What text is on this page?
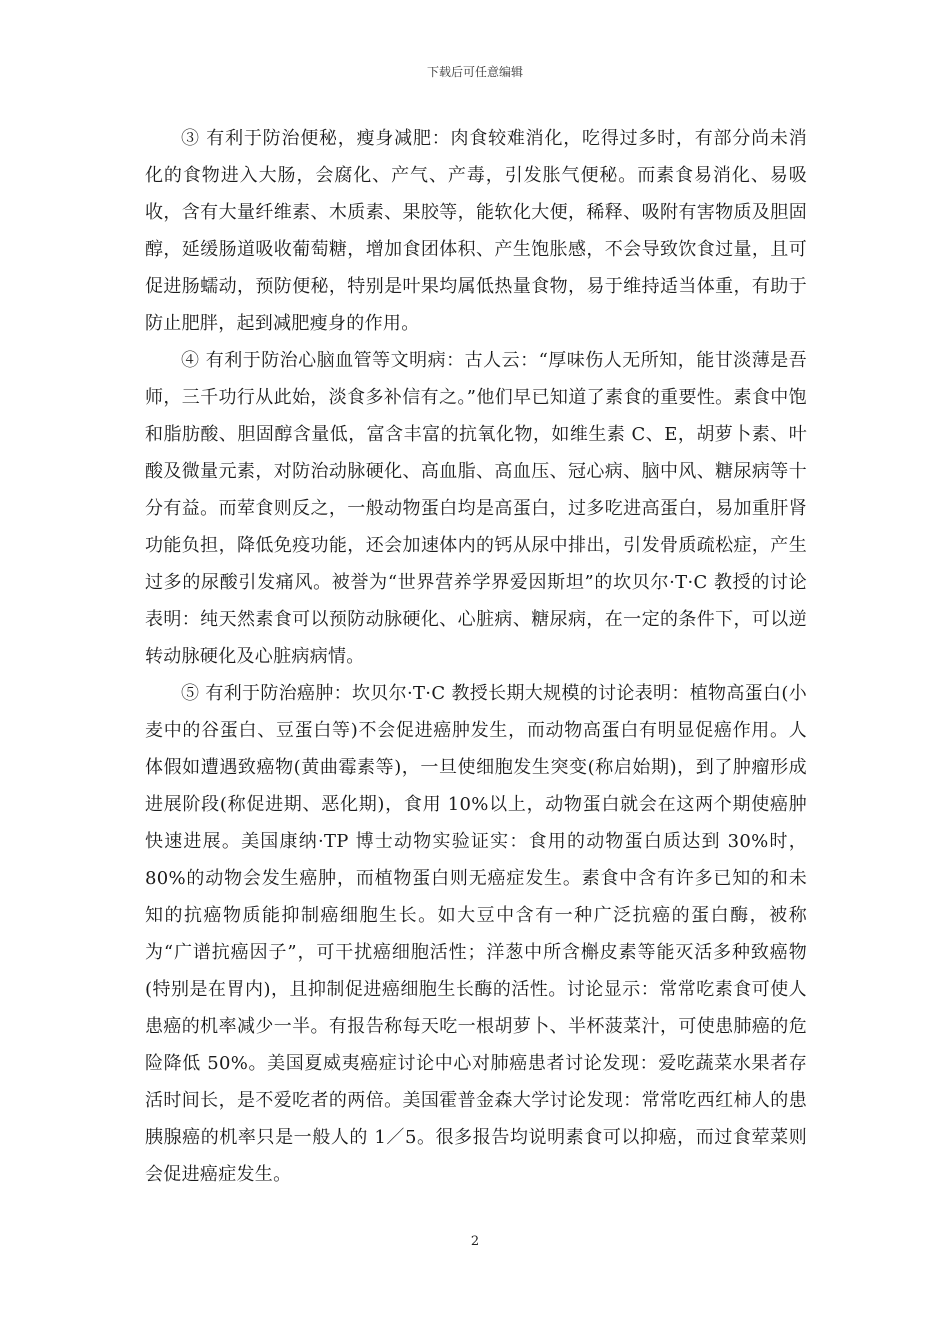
下载后可任意编辑

③ 有利于防治便秘，瘦身减肥：肉食较难消化，吃得过多时，有部分尚未消化的食物进入大肠，会腐化、产气、产毒，引发胀气便秘。而素食易消化、易吸收，含有大量纤维素、木质素、果胶等，能软化大便，稀释、吸附有害物质及胆固醇，延缓肠道吸收葡萄糖，增加食团体积、产生饱胀感，不会导致饮食过量，且可促进肠蠕动，预防便秘，特别是叶果均属低热量食物，易于维持适当体重，有助于防止肥胖，起到减肥瘦身的作用。

④ 有利于防治心脑血管等文明病：古人云：“厚味伤人无所知，能甘淡薄是吾师，三千功行从此始，淡食多补信有之。”他们早已知道了素食的重要性。素食中饱和脂肪酸、胆固醇含量低，富含丰富的抗氧化物，如维生素 C、E，胡萝卜素、叶酸及微量元素，对防治动脉硬化、高血脂、高血压、冠心病、脑中风、糖尿病等十分有益。而荤食则反之，一般动物蛋白均是高蛋白，过多吃进高蛋白，易加重肝肾功能负担，降低免疫功能，还会加速体内的钙从尿中排出，引发骨质疏松症，产生过多的尿酸引发痛风。被誉为“世界营养学界爱因斯坦”的坎贝尔·T·C 教授的讨论表明：纯天然素食可以预防动脉硬化、心脏病、糖尿病，在一定的条件下，可以逆转动脉硬化及心脏病病情。

⑤ 有利于防治癌肿：坎贝尔·T·C 教授长期大规模的讨论表明：植物高蛋白(小麦中的谷蛋白、豆蛋白等)不会促进癌肿发生，而动物高蛋白有明显促癌作用。人体假如遭遇致癌物(黄曲霉素等)，一旦使细胞发生突变(称启始期)，到了肿瘤形成进展阶段(称促进期、恶化期)，食用 10%以上，动物蛋白就会在这两个期使癌肿快速进展。美国康纳·TP 博士动物实验证实：食用的动物蛋白质达到 30%时，80%的动物会发生癌肿，而植物蛋白则无癌症发生。素食中含有许多已知的和未知的抗癌物质能抑制癌细胞生长。如大豆中含有一种广泛抗癌的蛋白酶，被称为“广谱抗癌因子”，可干扰癌细胞活性；洋葱中所含槲皮素等能灭活多种致癌物(特别是在胃内)，且抑制促进癌细胞生长酶的活性。讨论显示：常常吃素食可使人患癌的机率减少一半。有报告称每天吃一根胡萝卜、半杯菠菜汁，可使患肺癌的危险降低 50%。美国夏威夷癌症讨论中心对肺癌患者讨论发现：爱吃蔬菜水果者存活时间长，是不爱吃者的两倍。美国霍普金森大学讨论发现：常常吃西红柿人的患胰腺癌的机率只是一般人的 1／5。很多报告均说明素食可以抑癌，而过食荤菜则会促进癌症发生。

2
